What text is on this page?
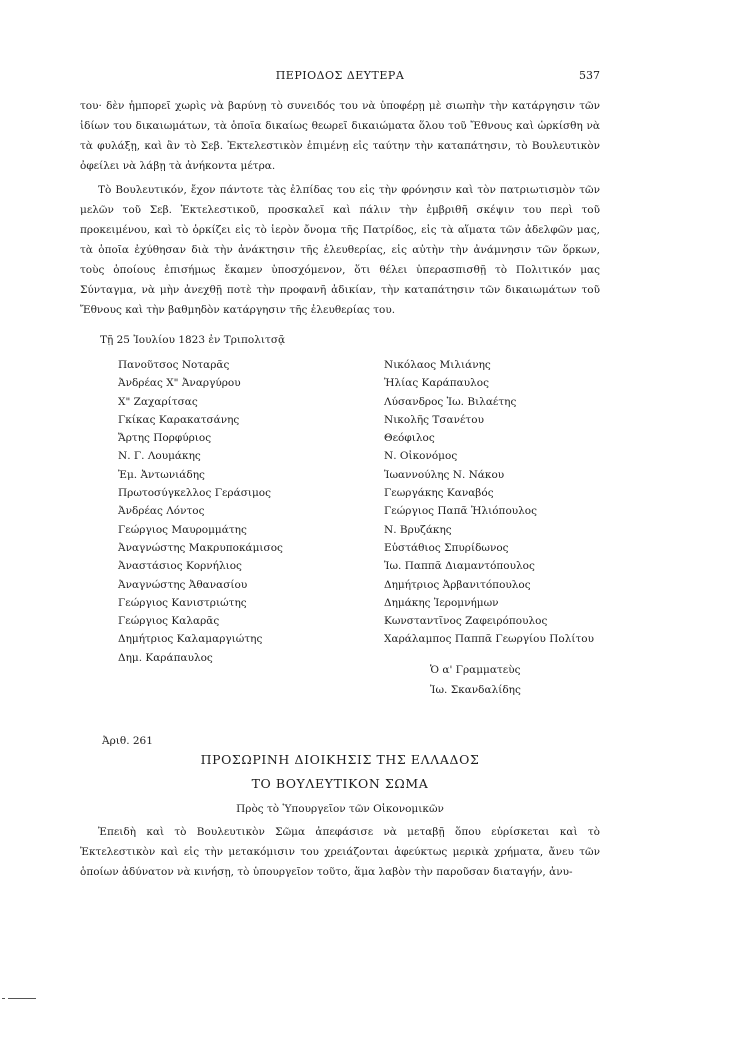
ΠΕΡΙΟΔΟΣ ΔΕΥΤΕΡΑ	537
του· δὲν ἠμπορεῖ χωρὶς νὰ βαρύνῃ τὸ συνειδός του νὰ ὑποφέρῃ μὲ σιωπὴν τὴν κατάργησιν τῶν ἰδίων του δικαιωμάτων, τὰ ὁποῖα δικαίως θεωρεῖ δικαιώματα ὅλου τοῦ Ἔθνους καὶ ὡρκίσθη νὰ τὰ φυλάξῃ, καὶ ἂν τὸ Σεβ. Ἐκτελεστικὸν ἐπιμένῃ εἰς ταύτην τὴν καταπάτησιν, τὸ Βουλευτικὸν ὀφείλει νὰ λάβῃ τὰ ἀνήκοντα μέτρα.
Τὸ Βουλευτικόν, ἔχον πάντοτε τὰς ἐλπίδας του εἰς τὴν φρόνησιν καὶ τὸν πατριωτισμὸν τῶν μελῶν τοῦ Σεβ. Ἐκτελεστικοῦ, προσκαλεῖ καὶ πάλιν τὴν ἐμβριθῆ σκέψιν του περὶ τοῦ προκειμένου, καὶ τὸ ὁρκίζει εἰς τὸ ἱερὸν ὄνομα τῆς Πατρίδος, εἰς τὰ αἵματα τῶν ἀδελφῶν μας, τὰ ὁποῖα ἐχύθησαν διὰ τὴν ἀνάκτησιν τῆς ἐλευθερίας, εἰς αὐτὴν τὴν ἀνάμνησιν τῶν ὅρκων, τοὺς ὁποίους ἐπισήμως ἔκαμεν ὑποσχόμενον, ὅτι θέλει ὑπερασπισθῇ τὸ Πολιτικόν μας Σύνταγμα, νὰ μὴν ἀνεχθῇ ποτὲ τὴν προφανῆ ἀδικίαν, τὴν καταπάτησιν τῶν δικαιωμάτων τοῦ Ἔθνους καὶ τὴν βαθμηδὸν κατάργησιν τῆς ἐλευθερίας του.
Τῇ 25 Ἰουλίου 1823 ἐν Τριπολιτσᾷ
Πανοῦτσος Νοταρᾶς
Ἀνδρέας Χ" Ἀναργύρου
Χ" Ζαχαρίτσας
Γκίκας Καρακατσάνης
Ἄρτης Πορφύριος
Ν. Γ. Λουμάκης
Ἐμ. Ἀντωνιάδης
Πρωτοσύγκελλος Γεράσιμος
Ἀνδρέας Λόντος
Γεώργιος Μαυρομμάτης
Ἀναγνώστης Μακρυποκάμισος
Ἀναστάσιος Κορνήλιος
Ἀναγνώστης Ἀθανασίου
Γεώργιος Κανιστριώτης
Γεώργιος Καλαρᾶς
Δημήτριος Καλαμαργιώτης
Δημ. Καράπαυλος
Νικόλαος Μιλιάνης
Ἠλίας Καράπαυλος
Λύσανδρος Ἰω. Βιλαέτης
Νικολῆς Τσανέτου
Θεόφιλος
Ν. Οἰκονόμος
Ἰωαννούλης Ν. Νάκου
Γεωργάκης Καναβός
Γεώργιος Παπᾶ Ἠλιόπουλος
Ν. Βρυζάκης
Εὐστάθιος Σπυρίδωνος
Ἰω. Παππᾶ Διαμαντόπουλος
Δημήτριος Ἀρβανιτόπουλος
Δημάκης Ἰερομνήμων
Κωνσταντῖνος Ζαφειρόπουλος
Χαράλαμπος Παππᾶ Γεωργίου Πολίτου
Ὁ α' Γραμματεὺς
Ἰω. Σκανδαλίδης
Ἀριθ. 261
ΠΡΟΣΩΡΙΝΗ ΔΙΟΙΚΗΣΙΣ ΤΗΣ ΕΛΛΑΔΟΣ
ΤΟ ΒΟΥΛΕΥΤΙΚΟΝ ΣΩΜΑ
Πρὸς τὸ Ὑπουργεῖον τῶν Οἰκονομικῶν
Ἐπειδὴ καὶ τὸ Βουλευτικὸν Σῶμα ἀπεφάσισε νὰ μεταβῇ ὅπου εὑρίσκεται καὶ τὸ Ἐκτελεστικὸν καὶ εἰς τὴν μετακόμισιν του χρειάζονται ἀφεύκτως μερικὰ χρήματα, ἄνευ τῶν ὁποίων ἀδύνατον νὰ κινήσῃ, τὸ ὑπουργεῖον τοῦτο, ἅμα λαβὸν τὴν παροῦσαν διαταγήν, ἀνυ-
